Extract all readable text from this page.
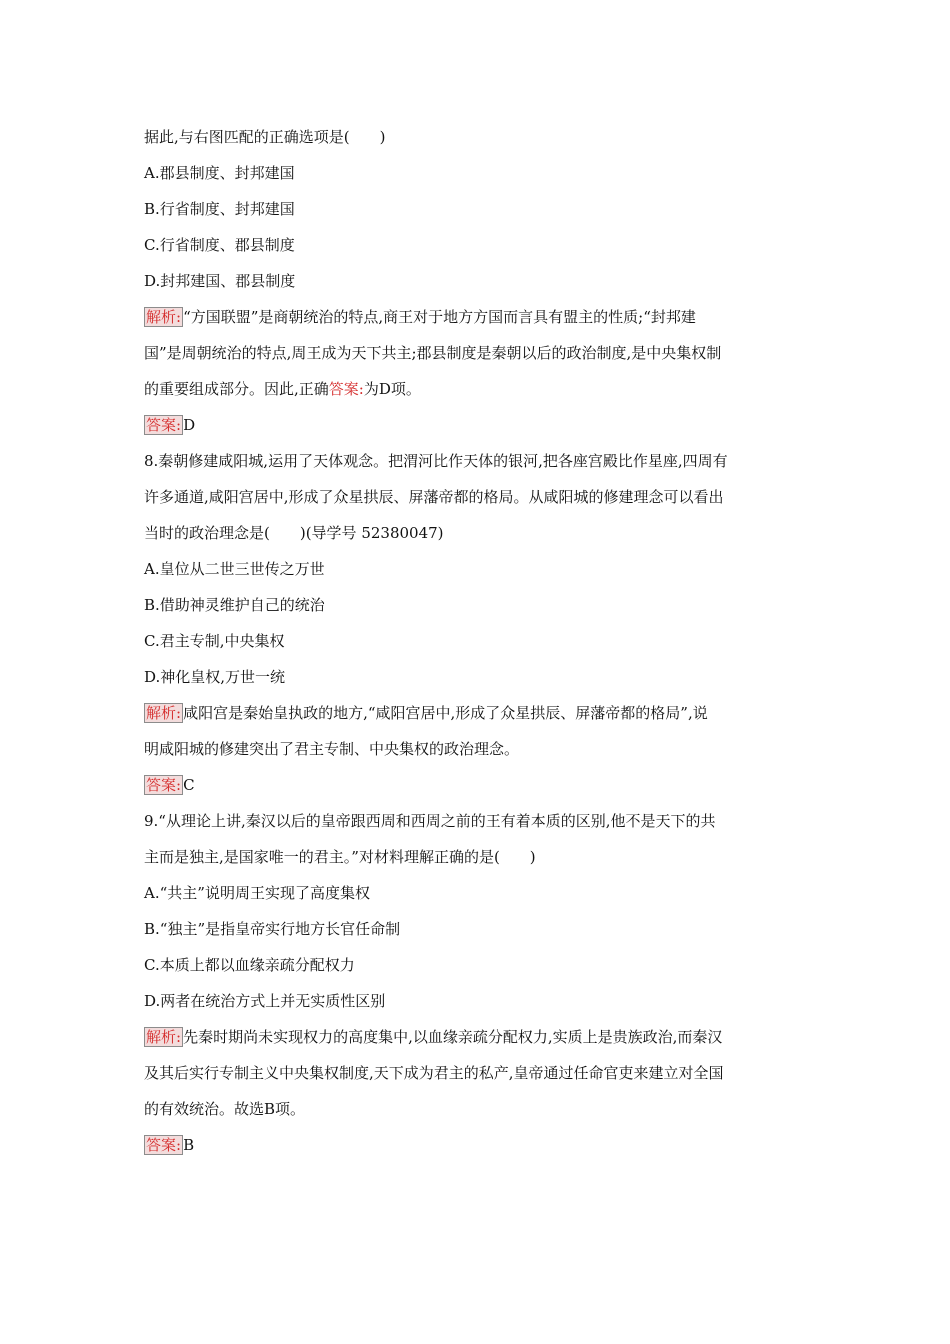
据此,与右图匹配的正确选项是(　　)
A.郡县制度、封邦建国
B.行省制度、封邦建国
C.行省制度、郡县制度
D.封邦建国、郡县制度
解析: “方国联盟”是商朝统治的特点,商王对于地方方国而言具有盟主的性质;“封邦建
国”是周朝统治的特点,周王成为天下共主;郡县制度是秦朝以后的政治制度,是中央集权制
的重要组成部分。因此,正确答案:为D项。
答案: D
8.秦朝修建咸阳城,运用了天体观念。把渭河比作天体的银河,把各座宫殿比作星座,四周有
许多通道,咸阳宫居中,形成了众星拱辰、屏藩帝都的格局。从咸阳城的修建理念可以看出
当时的政治理念是(　　)(导学号 52380047)
A.皇位从二世三世传之万世
B.借助神灵维护自己的统治
C.君主专制,中央集权
D.神化皇权,万世一统
解析: 咸阳宫是秦始皇执政的地方,“咸阳宫居中,形成了众星拱辰、屏藩帝都的格局”,说
明咸阳城的修建突出了君主专制、中央集权的政治理念。
答案: C
9.“从理论上讲,秦汉以后的皇帝跟西周和西周之前的王有着本质的区别,他不是天下的共
主而是独主,是国家唯一的君主。”对材料理解正确的是(　　)
A.“共主”说明周王实现了高度集权
B.“独主”是指皇帝实行地方长官任命制
C.本质上都以血缘亲疏分配权力
D.两者在统治方式上并无实质性区别
解析: 先秦时期尚未实现权力的高度集中,以血缘亲疏分配权力,实质上是贵族政治,而秦汉
及其后实行专制主义中央集权制度,天下成为君主的私产,皇帝通过任命官吏来建立对全国
的有效统治。故选B项。
答案: B
